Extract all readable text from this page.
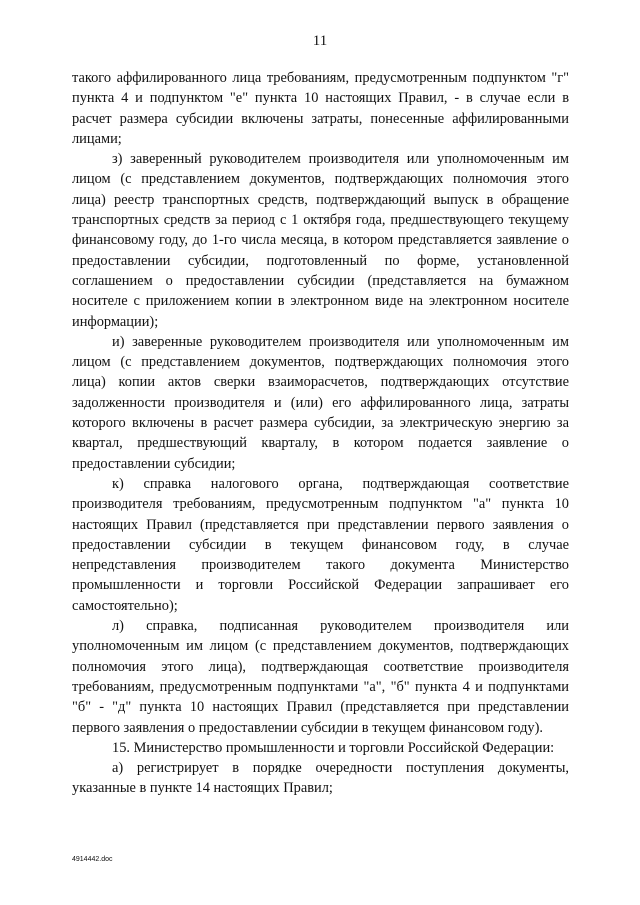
11

такого аффилированного лица требованиям, предусмотренным подпунктом "г" пункта 4 и подпунктом "е" пункта 10 настоящих Правил, - в случае если в расчет размера субсидии включены затраты, понесенные аффилированными лицами;

з) заверенный руководителем производителя или уполномоченным им лицом (с представлением документов, подтверждающих полномочия этого лица) реестр транспортных средств, подтверждающий выпуск в обращение транспортных средств за период с 1 октября года, предшествующего текущему финансовому году, до 1-го числа месяца, в котором представляется заявление о предоставлении субсидии, подготовленный по форме, установленной соглашением о предоставлении субсидии (представляется на бумажном носителе с приложением копии в электронном виде на электронном носителе информации);

и) заверенные руководителем производителя или уполномоченным им лицом (с представлением документов, подтверждающих полномочия этого лица) копии актов сверки взаиморасчетов, подтверждающих отсутствие задолженности производителя и (или) его аффилированного лица, затраты которого включены в расчет размера субсидии, за электрическую энергию за квартал, предшествующий кварталу, в котором подается заявление о предоставлении субсидии;

к) справка налогового органа, подтверждающая соответствие производителя требованиям, предусмотренным подпунктом "а" пункта 10 настоящих Правил (представляется при представлении первого заявления о предоставлении субсидии в текущем финансовом году, в случае непредставления производителем такого документа Министерство промышленности и торговли Российской Федерации запрашивает его самостоятельно);

л) справка, подписанная руководителем производителя или уполномоченным им лицом (с представлением документов, подтверждающих полномочия этого лица), подтверждающая соответствие производителя требованиям, предусмотренным подпунктами "а", "б" пункта 4 и подпунктами "б" - "д" пункта 10 настоящих Правил (представляется при представлении первого заявления о предоставлении субсидии в текущем финансовом году).

15. Министерство промышленности и торговли Российской Федерации:

а) регистрирует в порядке очередности поступления документы, указанные в пункте 14 настоящих Правил;

4914442.doc
